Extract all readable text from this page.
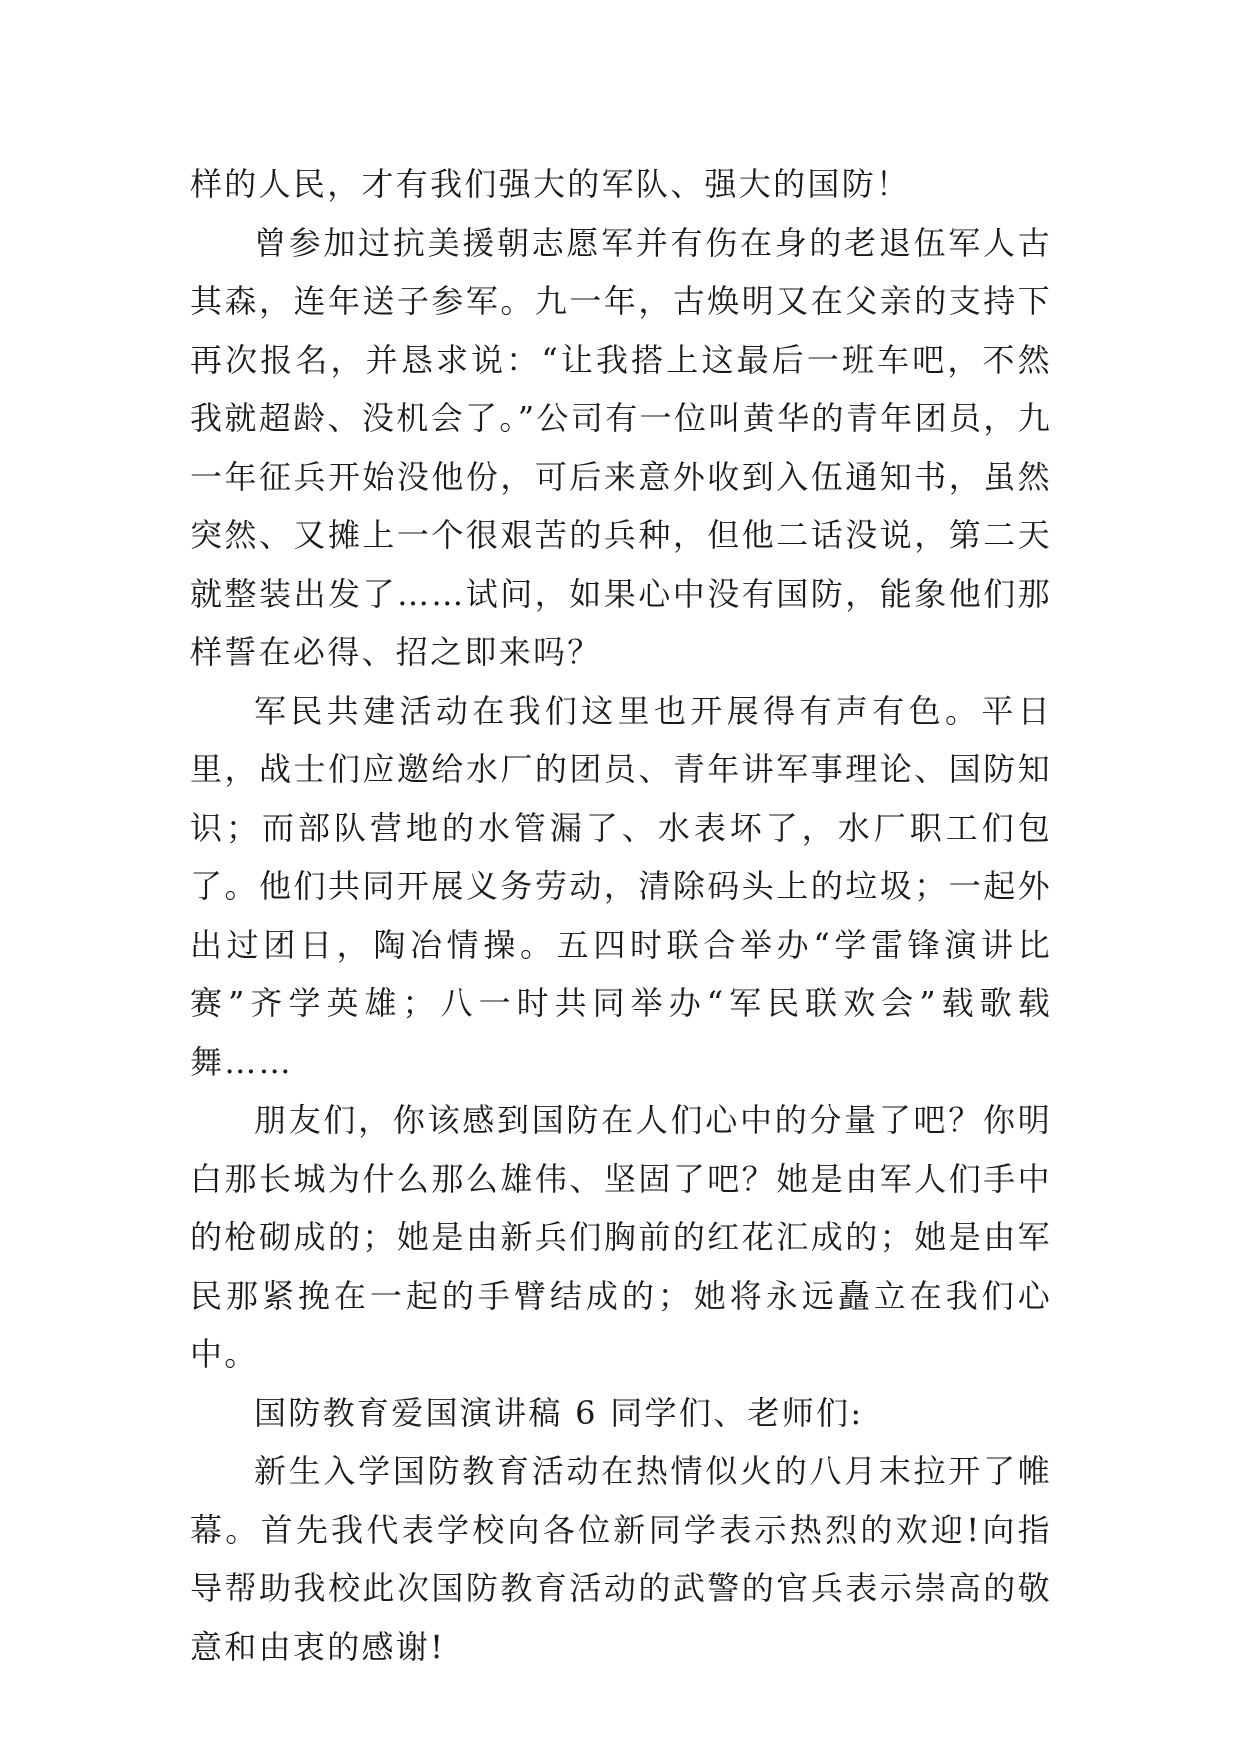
样的人民，才有我们强大的军队、强大的国防！

曾参加过抗美援朝志愿军并有伤在身的老退伍军人古其森，连年送子参军。九一年，古焕明又在父亲的支持下再次报名，并恳求说：“让我搭上这最后一班车吧，不然我就超龄、没机会了。”公司有一位叫黄华的青年团员，九一年征兵开始没他份，可后来意外收到入伍通知书，虽然突然、又摊上一个很艰苦的兵种，但他二话没说，第二天就整装出发了……试问，如果心中没有国防，能象他们那样誓在必得、招之即来吗？

军民共建活动在我们这里也开展得有声有色。平日里，战士们应邀给水厂的团员、青年讲军事理论、国防知识；而部队营地的水管漏了、水表坏了，水厂职工们包了。他们共同开展义务劳动，清除码头上的垃圾；一起外出过团日，陶冶情操。五四时联合举办“学雷锋演讲比赛”齐学英雄；八一时共同举办“军民联欢会”载歌载舞……

朋友们，你该感到国防在人们心中的分量了吧？你明白那长城为什么那么雄伟、坚固了吧？她是由军人们手中的枪砌成的；她是由新兵们胸前的红花汇成的；她是由军民那紧挽在一起的手臂结成的；她将永远矗立在我们心中。

国防教育爱国演讲稿 6 同学们、老师们:

新生入学国防教育活动在热情似火的八月末拉开了帷幕。首先我代表学校向各位新同学表示热烈的欢迎!向指导帮助我校此次国防教育活动的武警的官兵表示崇高的敬意和由衷的感谢!
